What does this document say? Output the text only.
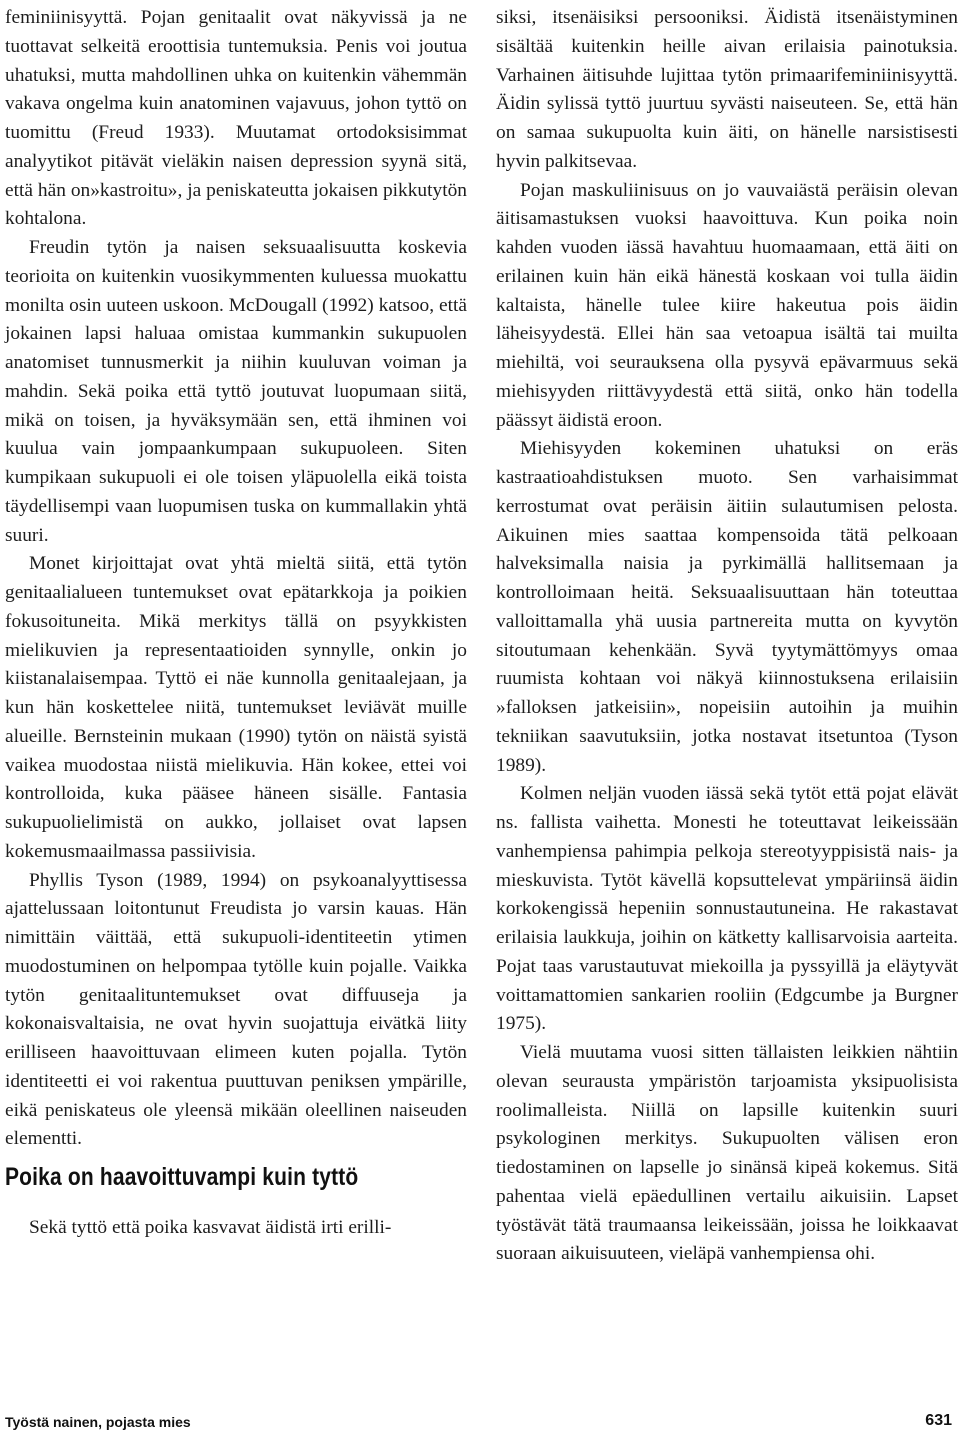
feminiinisyyttä. Pojan genitaalit ovat näkyvissä ja ne tuottavat selkeitä eroottisia tuntemuksia. Penis voi joutua uhatuksi, mutta mahdollinen uhka on kuitenkin vähemmän vakava ongelma kuin anatominen vajavuus, johon tyttö on tuomittu (Freud 1933). Muutamat ortodoksisimmat analyytikot pitävät vieläkin naisen depression syynä sitä, että hän on»kastroitu», ja peniskateutta jokaisen pikkutytön kohtalona.

Freudin tytön ja naisen seksuaalisuutta koskevia teorioita on kuitenkin vuosikymmenten kuluessa muokattu monilta osin uuteen uskoon. McDougall (1992) katsoo, että jokainen lapsi haluaa omistaa kummankin sukupuolen anatomiset tunnusmerkit ja niihin kuuluvan voiman ja mahdin. Sekä poika että tyttö joutuvat luopumaan siitä, mikä on toisen, ja hyväksymään sen, että ihminen voi kuulua vain jompaankumpaan sukupuoleen. Siten kumpikaan sukupuoli ei ole toisen yläpuolella eikä toista täydellisempi vaan luopumisen tuska on kummallakin yhtä suuri.

Monet kirjoittajat ovat yhtä mieltä siitä, että tytön genitaalialueen tuntemukset ovat epätarkkoja ja poikien fokusoituneita. Mikä merkitys tällä on psyykkisten mielikuvien ja representaatioiden synnylle, onkin jo kiistanalaisempaa. Tyttö ei näe kunnolla genitaalejaan, ja kun hän koskettelee niitä, tuntemukset leviävät muille alueille. Bernsteinin mukaan (1990) tytön on näistä syistä vaikea muodostaa niistä mielikuvia. Hän kokee, ettei voi kontrolloida, kuka pääsee häneen sisälle. Fantasia sukupuolielimistä on aukko, jollaiset ovat lapsen kokemusmaailmassa passiivisia.

Phyllis Tyson (1989, 1994) on psykoanalyyttisessa ajattelussaan loitontunut Freudista jo varsin kauas. Hän nimittäin väittää, että sukupuoli-identiteetin ytimen muodostuminen on helpompaa tytölle kuin pojalle. Vaikka tytön genitaalituntemukset ovat diffuuseja ja kokonaisvaltaisia, ne ovat hyvin suojattuja eivätkä liity erilliseen haavoittuvaan elimeen kuten pojalla. Tytön identiteetti ei voi rakentua puuttuvan peniksen ympärille, eikä peniskateus ole yleensä mikään oleellinen naiseuden elementti.

Poika on haavoittuvampi kuin tyttö

Sekä tyttö että poika kasvavat äidistä irti erilli-

siksi, itsenäisiksi persooniksi. Äidistä itsenäistyminen sisältää kuitenkin heille aivan erilaisia painotuksia. Varhainen äitisuhde lujittaa tytön primaarifeminiinisyyttä. Äidin sylissä tyttö juurtuu syvästi naiseuteen. Se, että hän on samaa sukupuolta kuin äiti, on hänelle narsistisesti hyvin palkitsevaa.

Pojan maskuliinisuus on jo vauvaiästä peräisin olevan äitisamastuksen vuoksi haavoittuva. Kun poika noin kahden vuoden iässä havahtuu huomaamaan, että äiti on erilainen kuin hän eikä hänestä koskaan voi tulla äidin kaltaista, hänelle tulee kiire hakeutua pois äidin läheisyydestä. Ellei hän saa vetoapua isältä tai muilta miehiltä, voi seurauksena olla pysyvä epävarmuus sekä miehisyyden riittävyydestä että siitä, onko hän todella päässyt äidistä eroon.

Miehisyyden kokeminen uhatuksi on eräs kastraatioahdistuksen muoto. Sen varhaisimmat kerrostumat ovat peräisin äitiin sulautumisen pelosta. Aikuinen mies saattaa kompensoida tätä pelkoaan halveksimalla naisia ja pyrkimällä hallitsemaan ja kontrolloimaan heitä. Seksuaalisuuttaan hän toteuttaa valloittamalla yhä uusia partnereita mutta on kyvytön sitoutumaan kehenkään. Syvä tyytymättömyys omaa ruumista kohtaan voi näkyä kiinnostuksena erilaisiin »falloksen jatkeisiin», nopeisiin autoihin ja muihin tekniikan saavutuksiin, jotka nostavat itsetuntoa (Tyson 1989).

Kolmen neljän vuoden iässä sekä tytöt että pojat elävät ns. fallista vaihetta. Monesti he toteuttavat leikeissään vanhempiensa pahimpia pelkoja stereotyyppisistä nais- ja mieskuvista. Tytöt kävellä kopsuttelevat ympäriinsä äidin korkokengissä hepeniin sonnustautuneina. He rakastavat erilaisia laukkuja, joihin on kätketty kallisarvoisia aarteita. Pojat taas varustautuvat miekoilla ja pyssyillä ja eläytyvät voittamattomien sankarien rooliin (Edgcumbe ja Burgner 1975).

Vielä muutama vuosi sitten tällaisten leikkien nähtiin olevan seurausta ympäristön tarjoamista yksipuolisista roolimalleista. Niillä on lapsille kuitenkin suuri psykologinen merkitys. Sukupuolten välisen eron tiedostaminen on lapselle jo sinänsä kipeä kokemus. Sitä pahentaa vielä epäedullinen vertailu aikuisiin. Lapset työstävät tätä traumaansa leikeissään, joissa he loikkaavat suoraan aikuisuuteen, vieläpä vanhempiensa ohi.

Työstä nainen, pojasta mies	631
